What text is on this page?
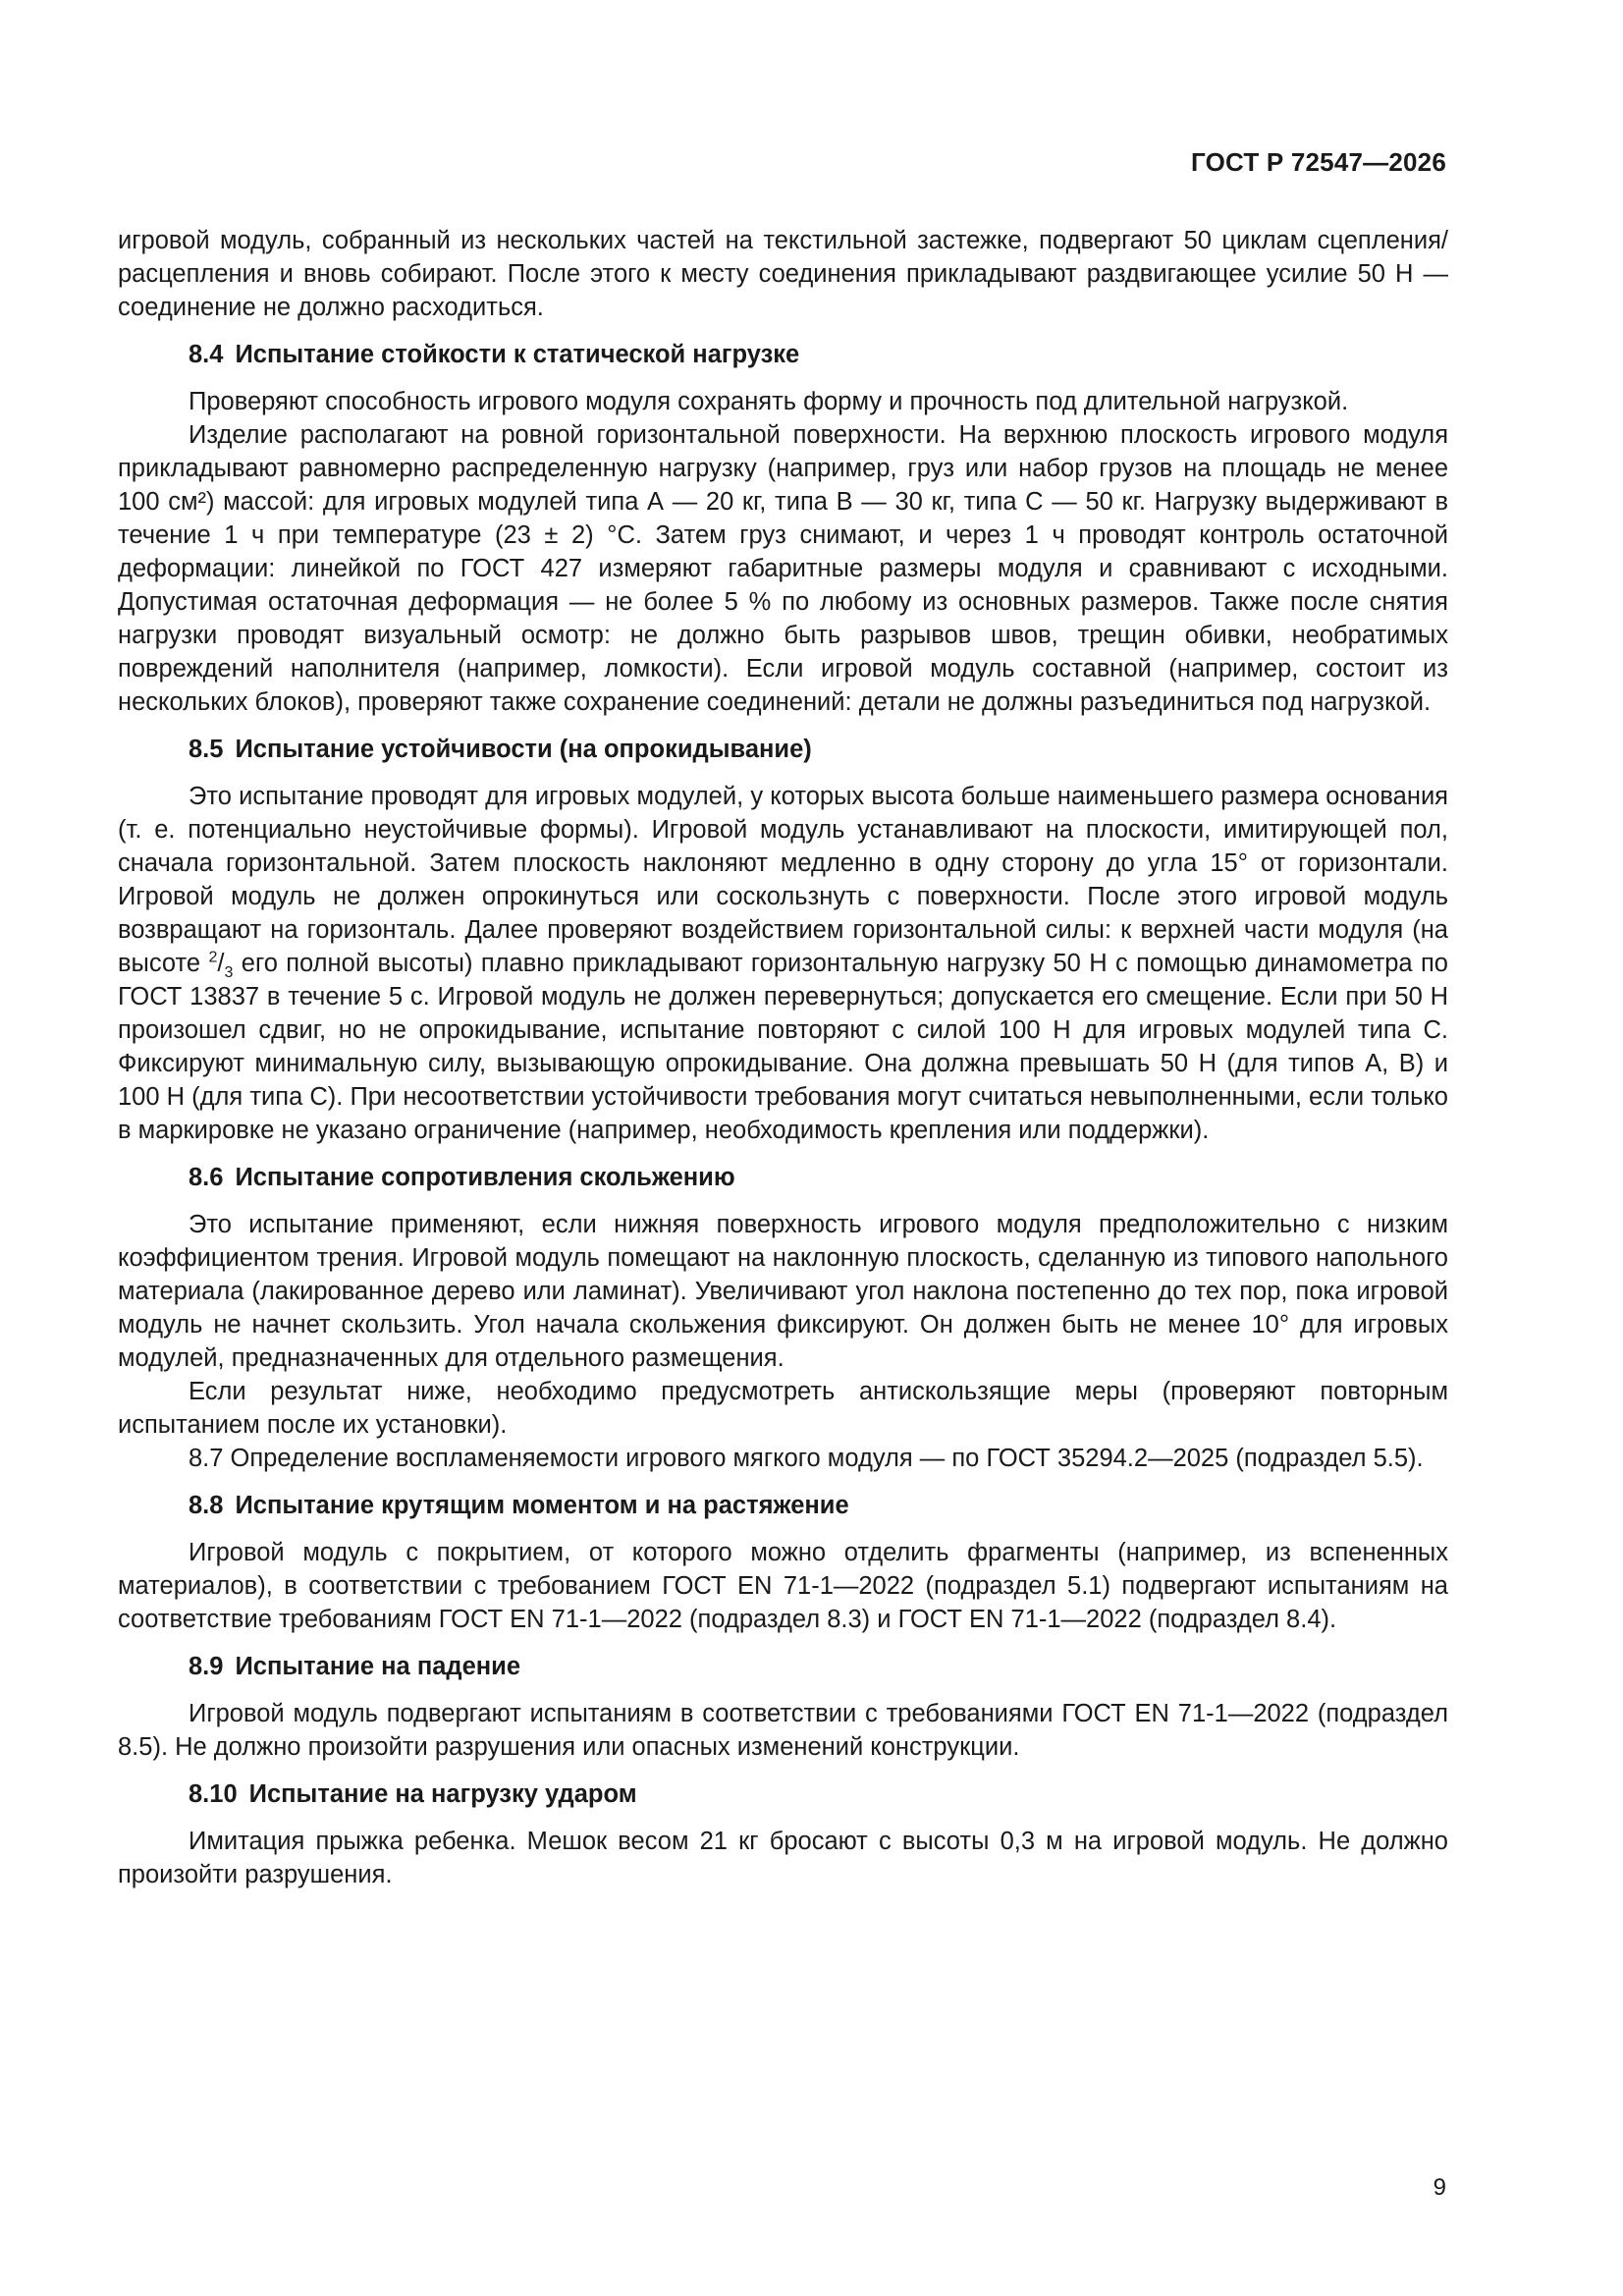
ГОСТ Р 72547—2026

игровой модуль, собранный из нескольких частей на текстильной застежке, подвергают 50 циклам сцепления/расцепления и вновь собирают. После этого к месту соединения прикладывают раздвигающее усилие 50 Н — соединение не должно расходиться.

8.4 Испытание стойкости к статической нагрузке

Проверяют способность игрового модуля сохранять форму и прочность под длительной нагрузкой.

Изделие располагают на ровной горизонтальной поверхности. На верхнюю плоскость игрового модуля прикладывают равномерно распределенную нагрузку (например, груз или набор грузов на площадь не менее 100 см²) массой: для игровых модулей типа А — 20 кг, типа В — 30 кг, типа С — 50 кг. Нагрузку выдерживают в течение 1 ч при температуре (23 ± 2) °С. Затем груз снимают, и через 1 ч проводят контроль остаточной деформации: линейкой по ГОСТ 427 измеряют габаритные размеры модуля и сравнивают с исходными. Допустимая остаточная деформация — не более 5 % по любому из основных размеров. Также после снятия нагрузки проводят визуальный осмотр: не должно быть разрывов швов, трещин обивки, необратимых повреждений наполнителя (например, ломкости). Если игровой модуль составной (например, состоит из нескольких блоков), проверяют также сохранение соединений: детали не должны разъединиться под нагрузкой.

8.5 Испытание устойчивости (на опрокидывание)

Это испытание проводят для игровых модулей, у которых высота больше наименьшего размера основания (т. е. потенциально неустойчивые формы). Игровой модуль устанавливают на плоскости, имитирующей пол, сначала горизонтальной. Затем плоскость наклоняют медленно в одну сторону до угла 15° от горизонтали. Игровой модуль не должен опрокинуться или соскользнуть с поверхности. После этого игровой модуль возвращают на горизонталь. Далее проверяют воздействием горизонтальной силы: к верхней части модуля (на высоте $^2/_3$ его полной высоты) плавно прикладывают горизонтальную нагрузку 50 Н с помощью динамометра по ГОСТ 13837 в течение 5 с. Игровой модуль не должен перевернуться; допускается его смещение. Если при 50 Н произошел сдвиг, но не опрокидывание, испытание повторяют с силой 100 Н для игровых модулей типа С. Фиксируют минимальную силу, вызывающую опрокидывание. Она должна превышать 50 Н (для типов А, В) и 100 Н (для типа С). При несоответствии устойчивости требования могут считаться невыполненными, если только в маркировке не указано ограничение (например, необходимость крепления или поддержки).

8.6 Испытание сопротивления скольжению

Это испытание применяют, если нижняя поверхность игрового модуля предположительно с низким коэффициентом трения. Игровой модуль помещают на наклонную плоскость, сделанную из типового напольного материала (лакированное дерево или ламинат). Увеличивают угол наклона постепенно до тех пор, пока игровой модуль не начнет скользить. Угол начала скольжения фиксируют. Он должен быть не менее 10° для игровых модулей, предназначенных для отдельного размещения.

Если результат ниже, необходимо предусмотреть антискользящие меры (проверяют повторным испытанием после их установки).

8.7 Определение воспламеняемости игрового мягкого модуля — по ГОСТ 35294.2—2025 (подраздел 5.5).

8.8 Испытание крутящим моментом и на растяжение

Игровой модуль с покрытием, от которого можно отделить фрагменты (например, из вспененных материалов), в соответствии с требованием ГОСТ EN 71-1—2022 (подраздел 5.1) подвергают испытаниям на соответствие требованиям ГОСТ EN 71-1—2022 (подраздел 8.3) и ГОСТ EN 71-1—2022 (подраздел 8.4).

8.9 Испытание на падение

Игровой модуль подвергают испытаниям в соответствии с требованиями ГОСТ EN 71-1—2022 (подраздел 8.5). Не должно произойти разрушения или опасных изменений конструкции.

8.10 Испытание на нагрузку ударом

Имитация прыжка ребенка. Мешок весом 21 кг бросают с высоты 0,3 м на игровой модуль. Не должно произойти разрушения.

9
